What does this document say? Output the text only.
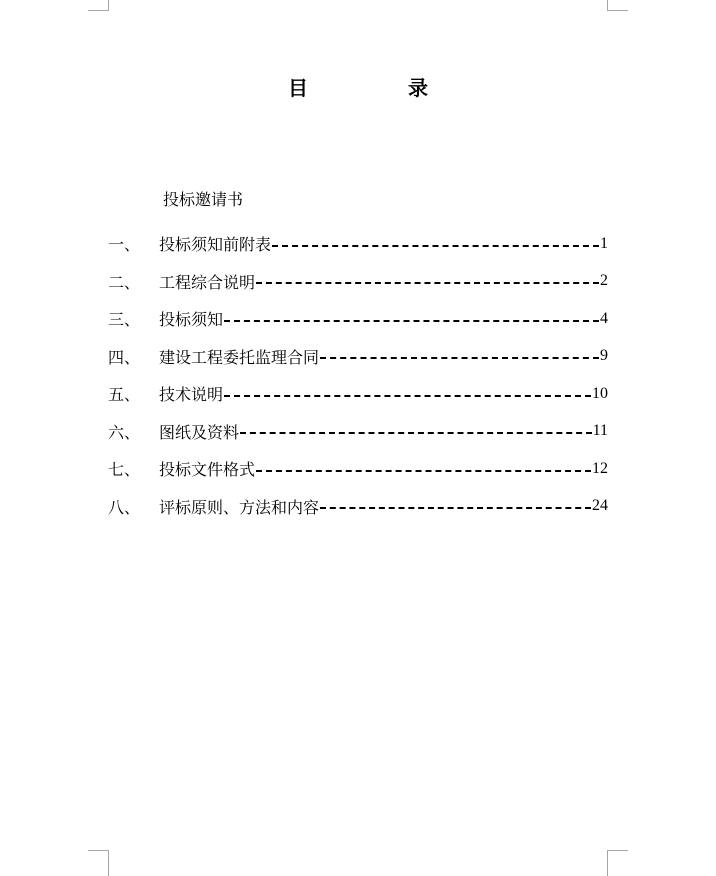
目	录
投标邀请书
一、	投标须知前附表	1
二、	工程综合说明	2
三、	投标须知	4
四、	建设工程委托监理合同	9
五、	技术说明	10
六、	图纸及资料	11
七、	投标文件格式	12
八、	评标原则、方法和内容	24
